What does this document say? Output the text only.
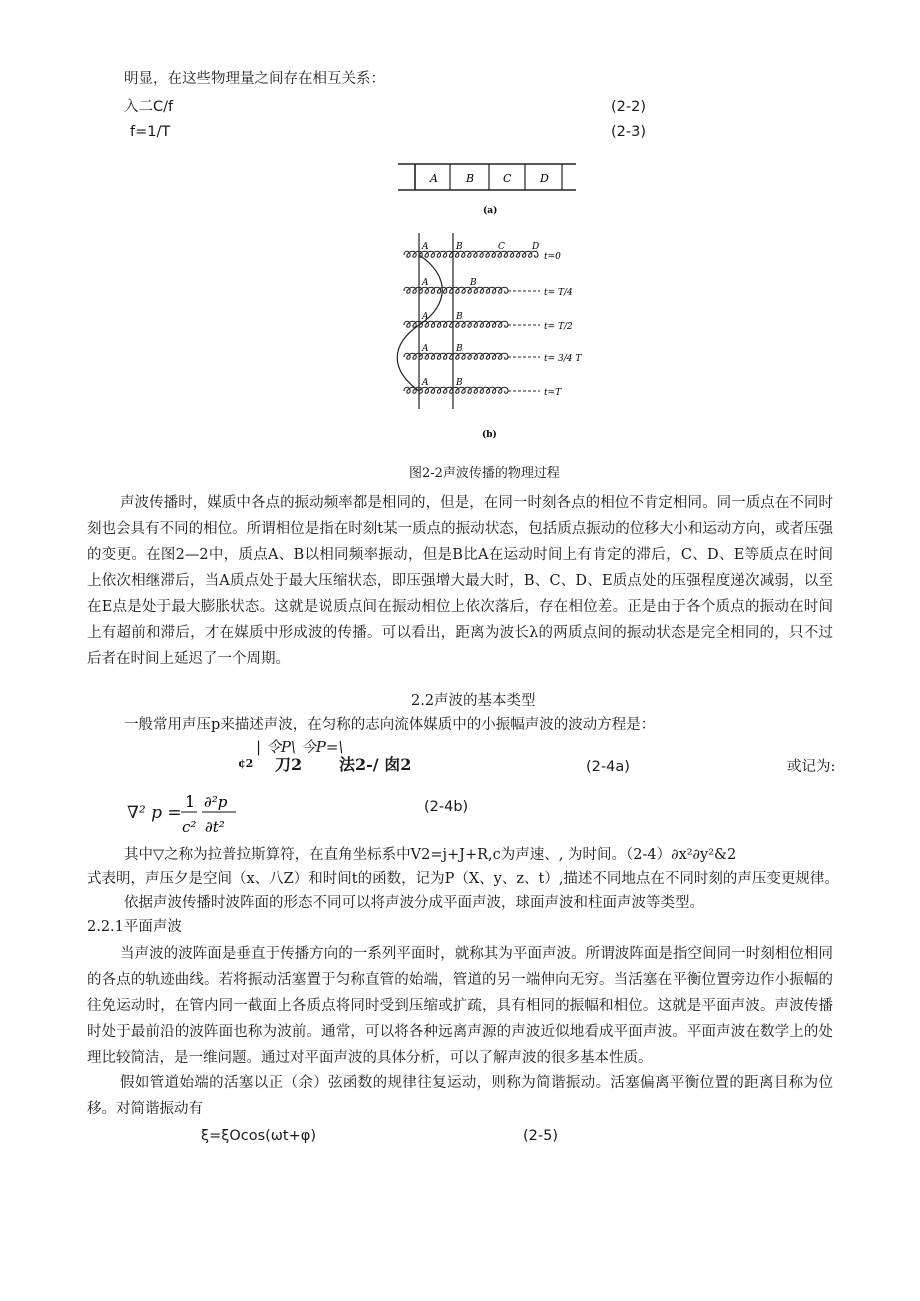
明显，在这些物理量之间存在相互关系：
入二C/f	(2-2)
f=1/T	(2-3)
A	B	C	D
(a)
A	B	C	D
t=0
A	B
t= T/4
A	B
t= T/2
A	B
t= 3/4 T
A	B
t=T
(b)
图2-2声波传播的物理过程

声波传播时，媒质中各点的振动频率都是相同的，但是，在同一时刻各点的相位不肯定相同。同一质点在不同时刻也会具有不同的相位。所谓相位是指在时刻t某一质点的振动状态，包括质点振动的位移大小和运动方向，或者压强的变更。在图2—2中，质点A、B以相同频率振动，但是B比A在运动时间上有肯定的滞后，C、D、E等质点在时间上依次相继滞后，当A质点处于最大压缩状态，即压强增大最大时，B、C、D、E质点处的压强程度递次减弱，以至在E点是处于最大膨胀状态。这就是说质点间在振动相位上依次落后，存在相位差。正是由于各个质点的振动在时间上有超前和滞后，才在媒质中形成波的传播。可以看出，距离为波长λ的两质点间的振动状态是完全相同的，只不过后者在时间上延迟了一个周期。

2.2声波的基本类型
一般常用声压p来描述声波，在匀称的志向流体媒质中的小振幅声波的波动方程是：
| 令P\ 今P=\
¢2 刀2 法2-/ 囱2	(2-4a)	或记为:
∇² p =
1
c²
∂²p
∂t²
(2-4b)
其中▽之称为拉普拉斯算符，在直角坐标系中V2=j+J+R,c为声速、, 为时间。（2-4）∂x²∂y²&2
式表明，声压夕是空间（x、八Z）和时间t的函数，记为P（X、y、z、t）,描述不同地点在不同时刻的声压变更规律。
依据声波传播时波阵面的形态不同可以将声波分成平面声波，球面声波和柱面声波等类型。
2.2.1平面声波

当声波的波阵面是垂直于传播方向的一系列平面时，就称其为平面声波。所谓波阵面是指空间同一时刻相位相同的各点的轨迹曲线。若将振动活塞置于匀称直管的始端，管道的另一端伸向无穷。当活塞在平衡位置旁边作小振幅的往免运动时，在管内同一截面上各质点将同时受到压缩或扩疏，具有相同的振幅和相位。这就是平面声波。声波传播时处于最前沿的波阵面也称为波前。通常，可以将各种远离声源的声波近似地看成平面声波。平面声波在数学上的处理比较简洁，是一维问题。通过对平面声波的具体分析，可以了解声波的很多基本性质。

假如管道始端的活塞以正（余）弦函数的规律往复运动，则称为简谐振动。活塞偏离平衡位置的距离目称为位移。对简谐振动有

ξ=ξOcos(ωt+φ)	(2-5)
